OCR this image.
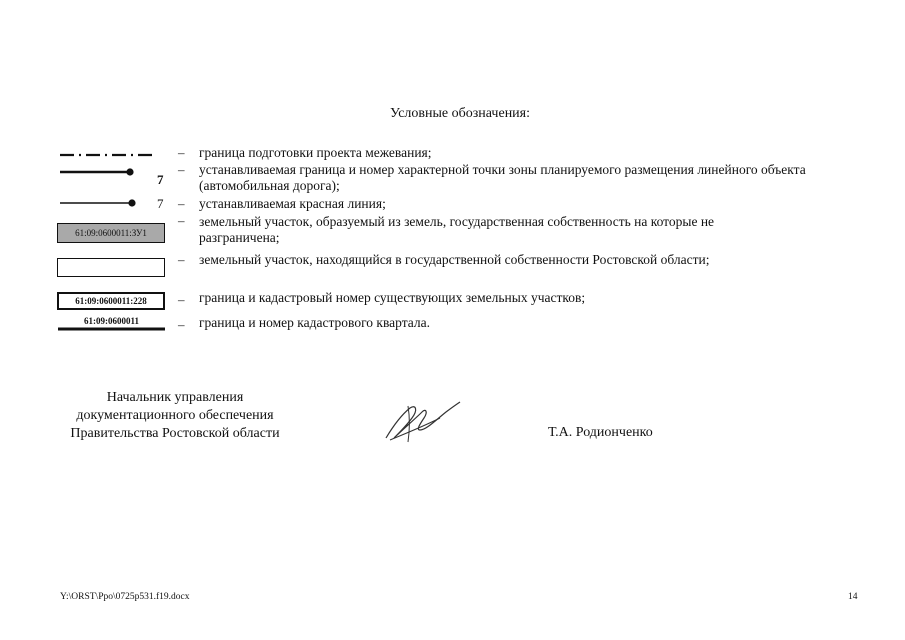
Условные обозначения:
– граница подготовки проекта межевания;
7
– устанавливаемая граница и номер характерной точки зоны планируемого размещения линейного объекта (автомобильная дорога);
7 – устанавливаемая красная линия;
61:09:0600011:ЗУ1
– земельный участок, образуемый из земель, государственная собственность на которые не разграничена;
– земельный участок, находящийся в государственной собственности Ростовской области;
61:09:0600011:228	– граница и кадастровый номер существующих земельных участков;
61:09:0600011	– граница и номер кадастрового квартала.
Начальник управления
документационного обеспечения
Правительства Ростовской области	Т.А. Родионченко
Y:\ORST\Ppo\0725p531.f19.docx	14
